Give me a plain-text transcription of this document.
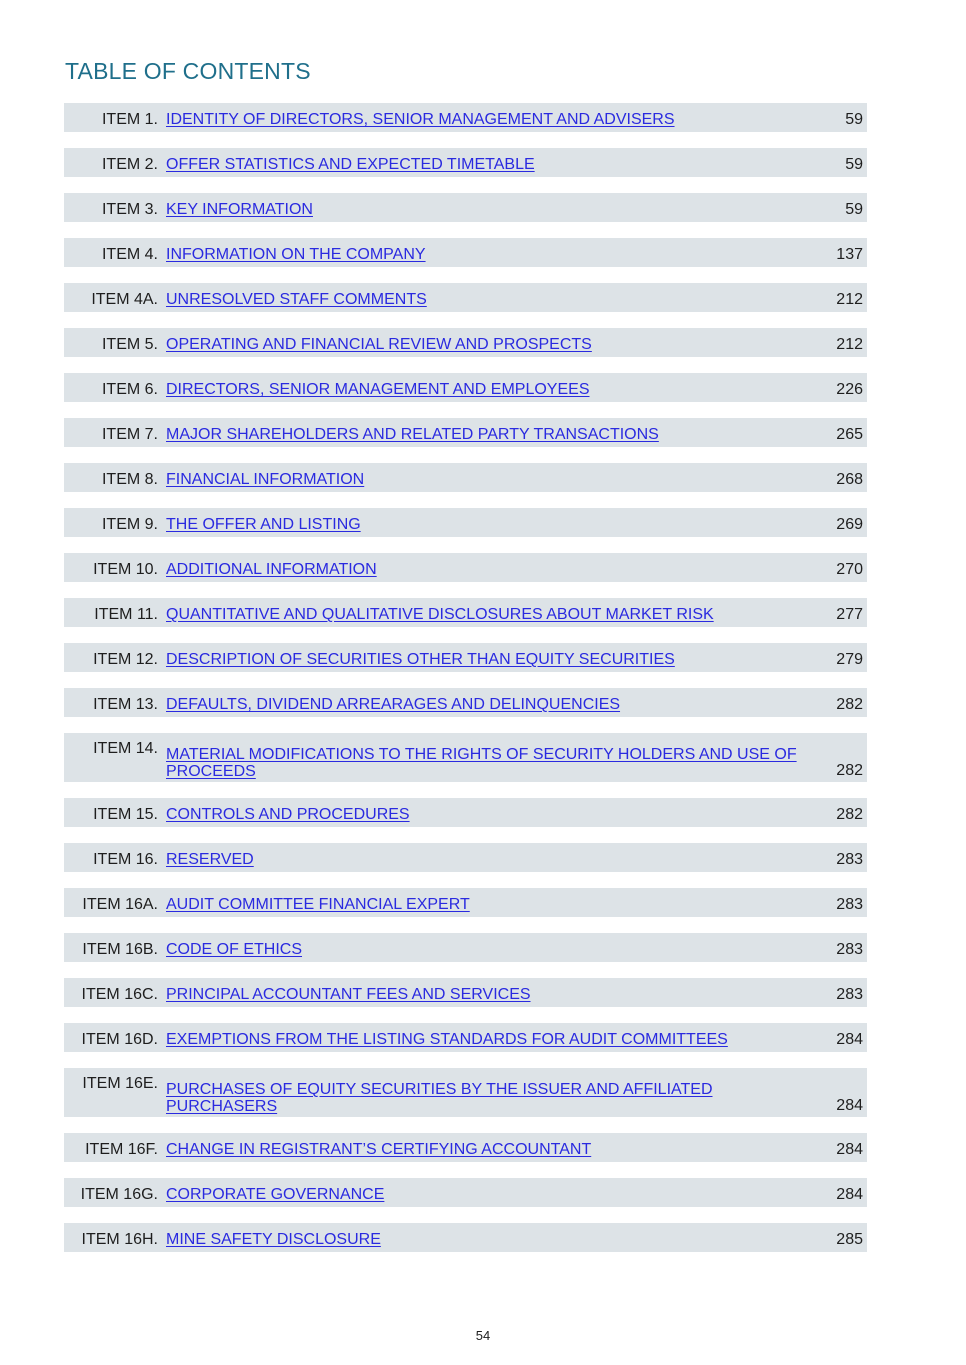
TABLE OF CONTENTS
ITEM 1. IDENTITY OF DIRECTORS, SENIOR MANAGEMENT AND ADVISERS	59
ITEM 2. OFFER STATISTICS AND EXPECTED TIMETABLE	59
ITEM 3. KEY INFORMATION	59
ITEM 4. INFORMATION ON THE COMPANY	137
ITEM 4A. UNRESOLVED STAFF COMMENTS	212
ITEM 5. OPERATING AND FINANCIAL REVIEW AND PROSPECTS	212
ITEM 6. DIRECTORS, SENIOR MANAGEMENT AND EMPLOYEES	226
ITEM 7. MAJOR SHAREHOLDERS AND RELATED PARTY TRANSACTIONS	265
ITEM 8. FINANCIAL INFORMATION	268
ITEM 9. THE OFFER AND LISTING	269
ITEM 10. ADDITIONAL INFORMATION	270
ITEM 11. QUANTITATIVE AND QUALITATIVE DISCLOSURES ABOUT MARKET RISK	277
ITEM 12. DESCRIPTION OF SECURITIES OTHER THAN EQUITY SECURITIES	279
ITEM 13. DEFAULTS, DIVIDEND ARREARAGES AND DELINQUENCIES	282
ITEM 14. MATERIAL MODIFICATIONS TO THE RIGHTS OF SECURITY HOLDERS AND USE OF PROCEEDS	282
ITEM 15. CONTROLS AND PROCEDURES	282
ITEM 16. RESERVED	283
ITEM 16A. AUDIT COMMITTEE FINANCIAL EXPERT	283
ITEM 16B. CODE OF ETHICS	283
ITEM 16C. PRINCIPAL ACCOUNTANT FEES AND SERVICES	283
ITEM 16D. EXEMPTIONS FROM THE LISTING STANDARDS FOR AUDIT COMMITTEES	284
ITEM 16E. PURCHASES OF EQUITY SECURITIES BY THE ISSUER AND AFFILIATED PURCHASERS	284
ITEM 16F. CHANGE IN REGISTRANT’S CERTIFYING ACCOUNTANT	284
ITEM 16G. CORPORATE GOVERNANCE	284
ITEM 16H. MINE SAFETY DISCLOSURE	285
54
